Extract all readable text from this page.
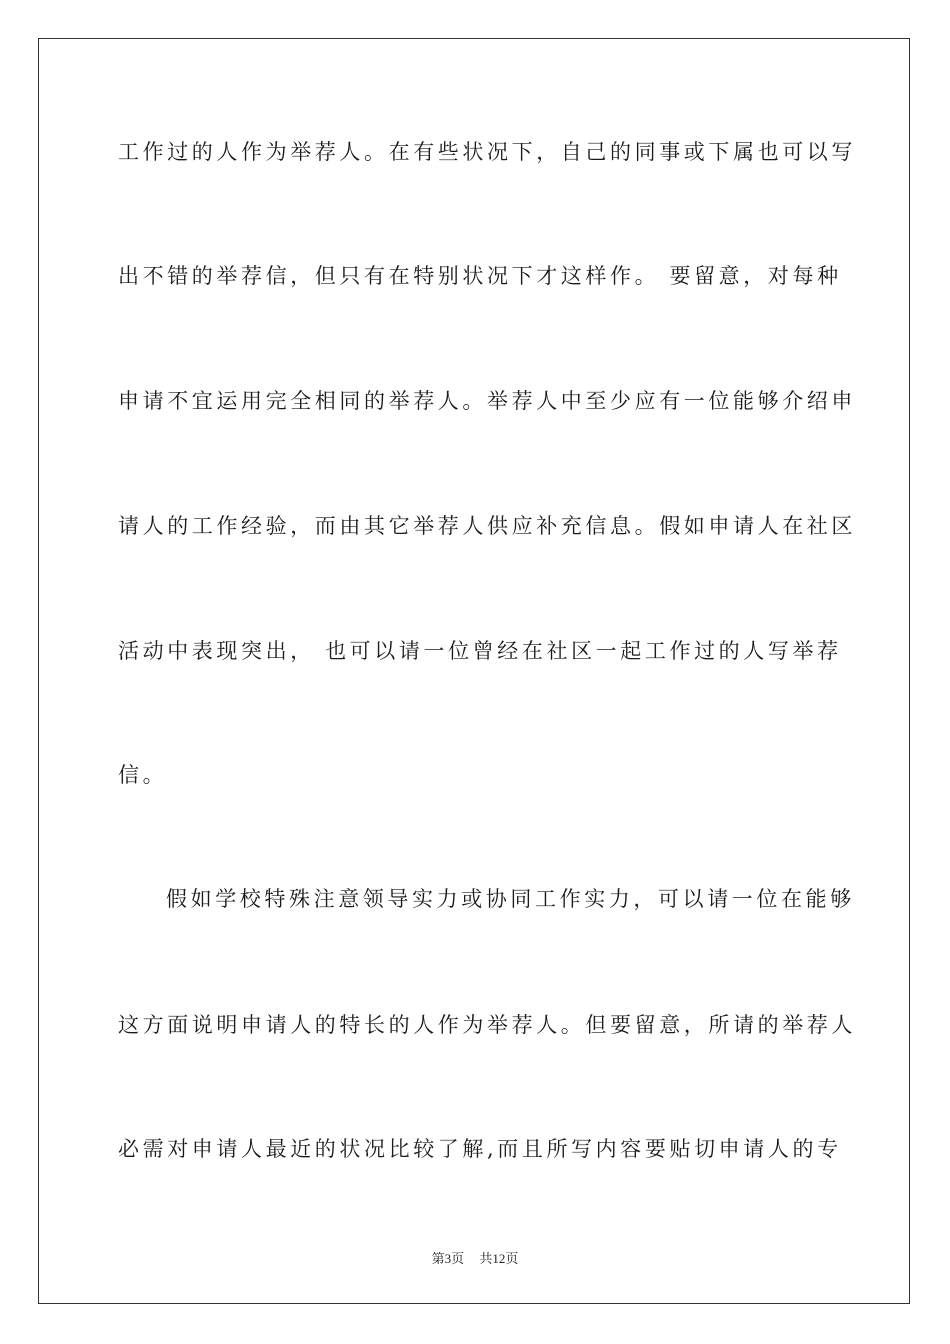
工作过的人作为举荐人。在有些状况下，自己的同事或下属也可以写
出不错的举荐信，但只有在特别状况下才这样作。 要留意，对每种
申请不宜运用完全相同的举荐人。举荐人中至少应有一位能够介绍申
请人的工作经验，而由其它举荐人供应补充信息。假如申请人在社区
活动中表现突出， 也可以请一位曾经在社区一起工作过的人写举荐
信。
假如学校特殊注意领导实力或协同工作实力，可以请一位在能够
这方面说明申请人的特长的人作为举荐人。但要留意，所请的举荐人
必需对申请人最近的状况比较了解,而且所写内容要贴切申请人的专
第3页 共12页
